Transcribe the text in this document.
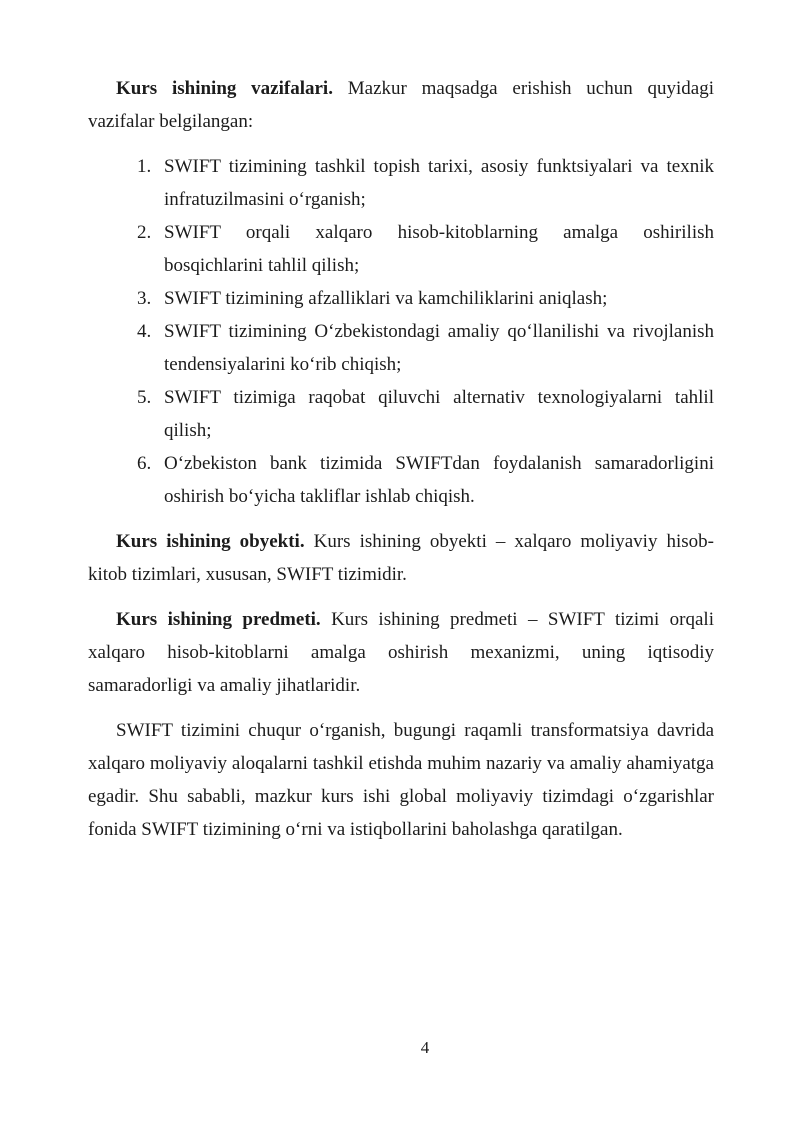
Kurs ishining vazifalari. Mazkur maqsadga erishish uchun quyidagi vazifalar belgilangan:

1. SWIFT tizimining tashkil topish tarixi, asosiy funktsiyalari va texnik infratuzilmasini o‘rganish;
2. SWIFT orqali xalqaro hisob-kitoblarning amalga oshirilish bosqichlarini tahlil qilish;
3. SWIFT tizimining afzalliklari va kamchiliklarini aniqlash;
4. SWIFT tizimining O‘zbekistondagi amaliy qo‘llanilishi va rivojlanish tendensiyalarini ko‘rib chiqish;
5. SWIFT tizimiga raqobat qiluvchi alternativ texnologiyalarni tahlil qilish;
6. O‘zbekiston bank tizimida SWIFTdan foydalanish samaradorligini oshirish bo‘yicha takliflar ishlab chiqish.

Kurs ishining obyekti. Kurs ishining obyekti – xalqaro moliyaviy hisob-kitob tizimlari, xususan, SWIFT tizimidir.

Kurs ishining predmeti. Kurs ishining predmeti – SWIFT tizimi orqali xalqaro hisob-kitoblarni amalga oshirish mexanizmi, uning iqtisodiy samaradorligi va amaliy jihatlaridir.

SWIFT tizimini chuqur o‘rganish, bugungi raqamli transformatsiya davrida xalqaro moliyaviy aloqalarni tashkil etishda muhim nazariy va amaliy ahamiyatga egadir. Shu sababli, mazkur kurs ishi global moliyaviy tizimdagi o‘zgarishlar fonida SWIFT tizimining o‘rni va istiqbollarini baholashga qaratilgan.

4
